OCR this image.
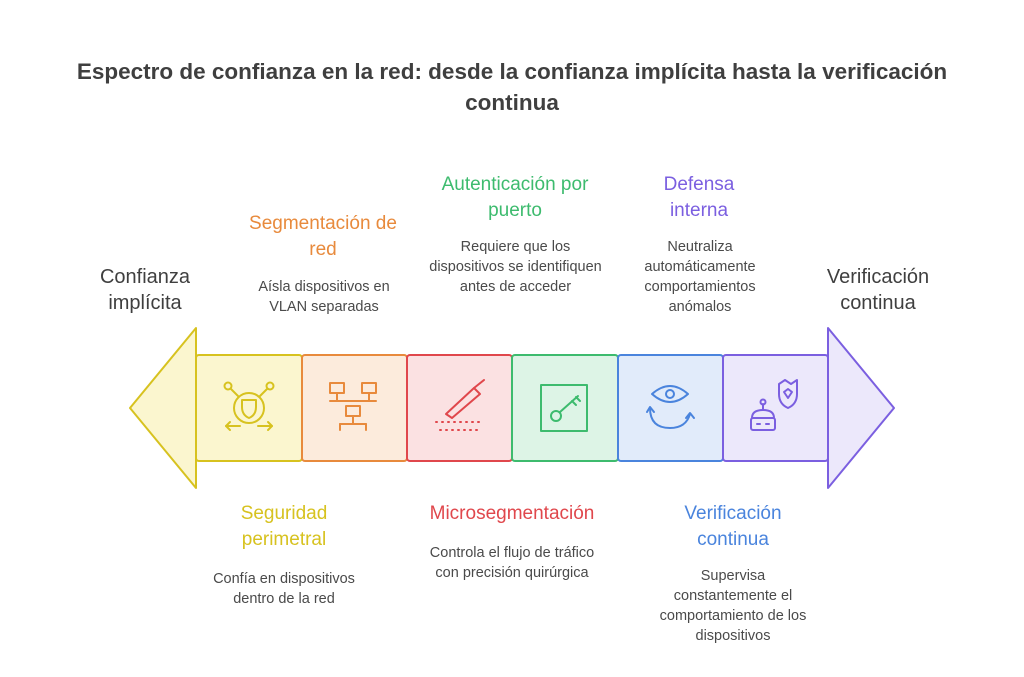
Espectro de confianza en la red: desde la confianza implícita hasta la verificación continua
Confianza implícita
Verificación continua
Seguridad perimetral
Confía en dispositivos dentro de la red
Segmentación de red
Aísla dispositivos en VLAN separadas
Microsegmentación
Controla el flujo de tráfico con precisión quirúrgica
Autenticación por puerto
Requiere que los dispositivos se identifiquen antes de acceder
Verificación continua
Supervisa constantemente el comportamiento de los dispositivos
Defensa interna
Neutraliza automáticamente comportamientos anómalos
